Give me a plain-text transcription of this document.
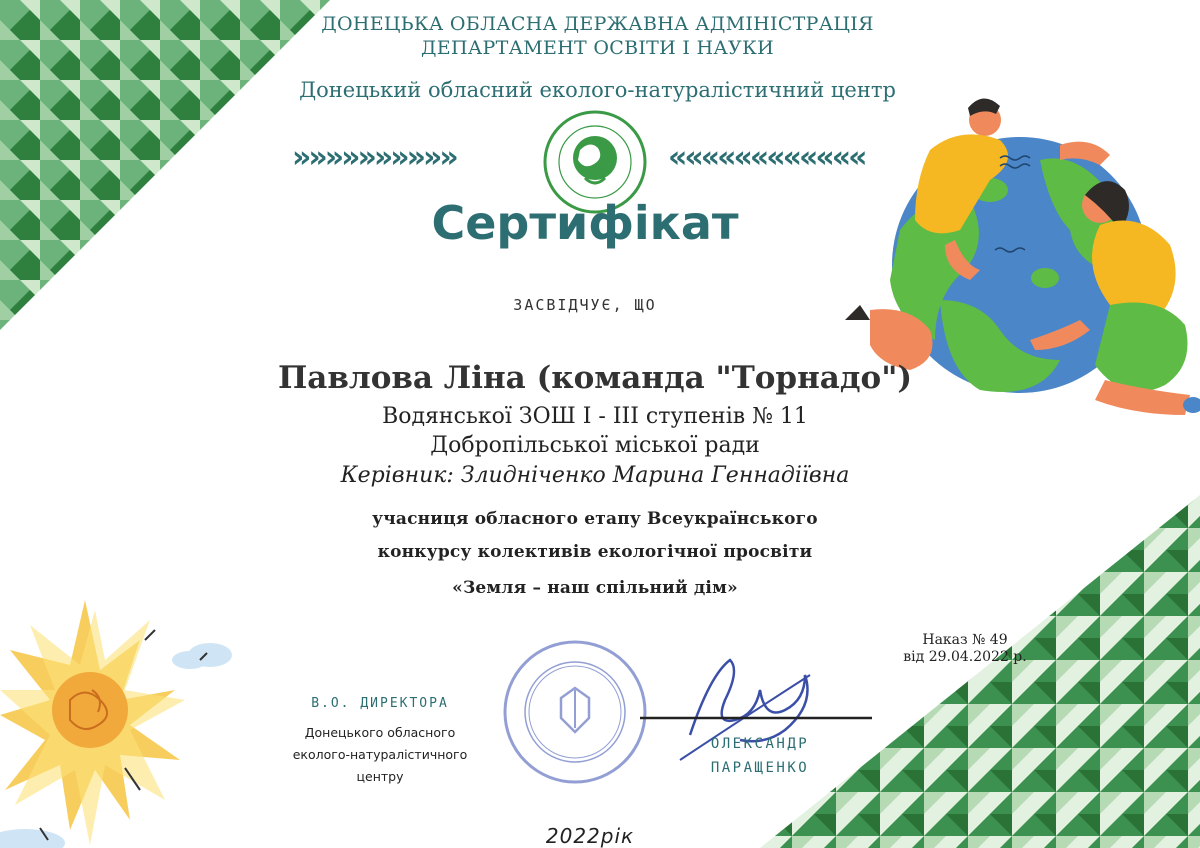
ДОНЕЦЬКА ОБЛАСНА ДЕРЖАВНА АДМІНІСТРАЦІЯ
ДЕПАРТАМЕНТ ОСВІТИ І НАУКИ
Донецький обласний еколого-натуралістичний центр
»»»»»»»»»»	««««««««««««
Сертифікат
ЗАСВІДЧУЄ, ЩО
Павлова Ліна (команда "Торнадо")
Водянської ЗОШ І - ІІІ ступенів № 11
Добропільської міської ради
Керівник: Злидніченко Марина Геннадіївна
учасниця обласного етапу Всеукраїнського
конкурсу колективів екологічної просвіти
«Земля – наш спільний дім»
Наказ № 49
від 29.04.2022 р.
В.О. ДИРЕКТОРА
Донецького обласного
еколого-натуралістичного
центру
ОЛЕКСАНДР
ПАРАЩЕНКО
2022рік
